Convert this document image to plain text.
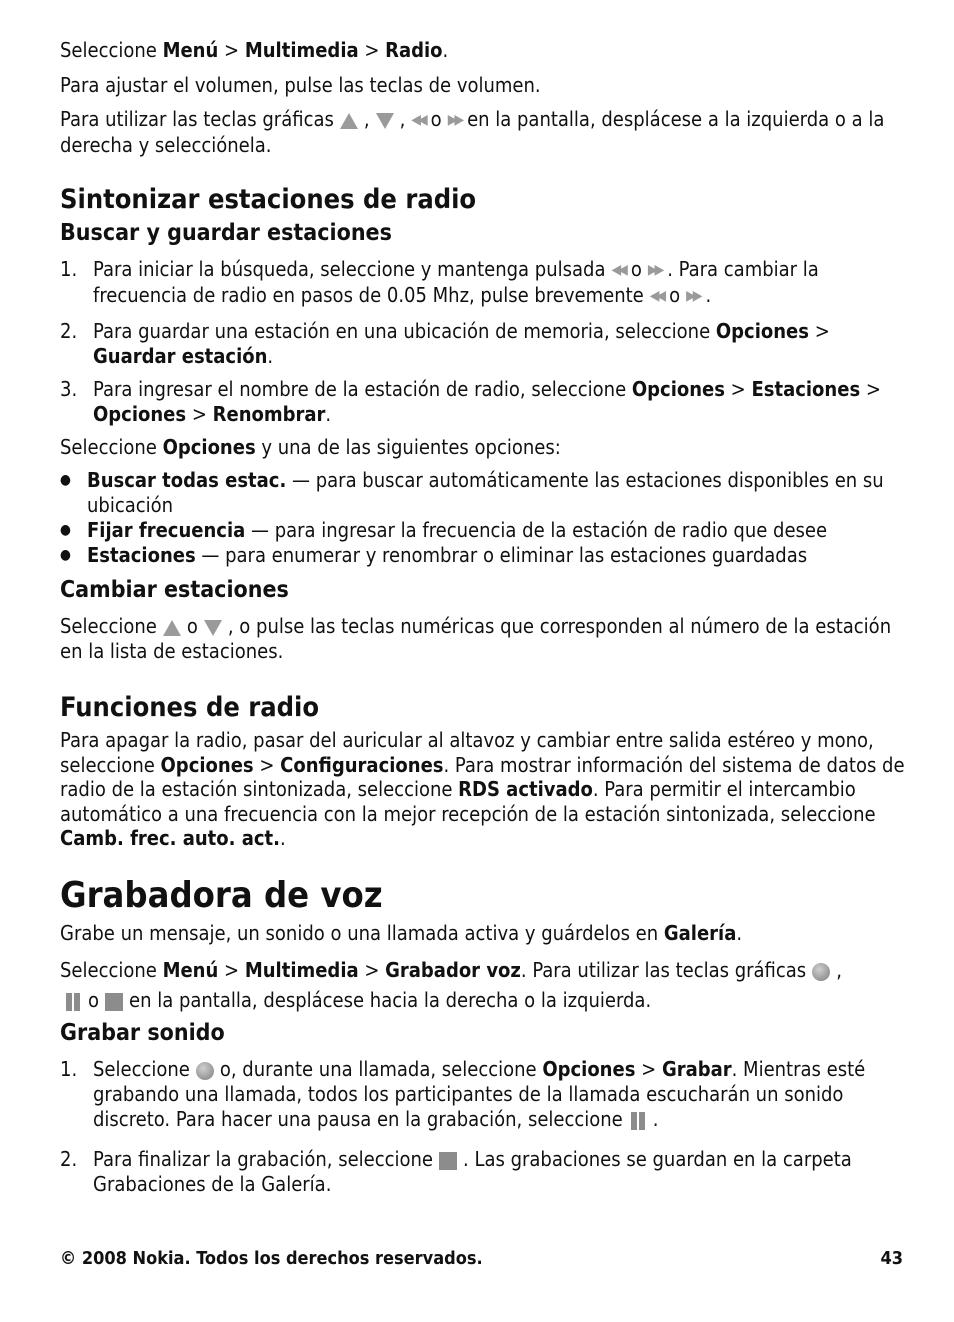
Seleccione Menú > Multimedia > Radio.

Para ajustar el volumen, pulse las teclas de volumen.

Para utilizar las teclas gráficas , , ◀◀ o ▶▶ en la pantalla, desplácese a la izquierda o a la derecha y selecciónela.

Sintonizar estaciones de radio

Buscar y guardar estaciones

1. Para iniciar la búsqueda, seleccione y mantenga pulsada ◀◀ o ▶▶ . Para cambiar la frecuencia de radio en pasos de 0.05 Mhz, pulse brevemente ◀◀ o ▶▶ .

2. Para guardar una estación en una ubicación de memoria, seleccione Opciones > Guardar estación.

3. Para ingresar el nombre de la estación de radio, seleccione Opciones > Estaciones > Opciones > Renombrar.

Seleccione Opciones y una de las siguientes opciones:

● Buscar todas estac. — para buscar automáticamente las estaciones disponibles en su ubicación

● Fijar frecuencia — para ingresar la frecuencia de la estación de radio que desee

● Estaciones — para enumerar y renombrar o eliminar las estaciones guardadas

Cambiar estaciones

Seleccione o , o pulse las teclas numéricas que corresponden al número de la estación en la lista de estaciones.

Funciones de radio

Para apagar la radio, pasar del auricular al altavoz y cambiar entre salida estéreo y mono, seleccione Opciones > Configuraciones. Para mostrar información del sistema de datos de radio de la estación sintonizada, seleccione RDS activado. Para permitir el intercambio automático a una frecuencia con la mejor recepción de la estación sintonizada, seleccione Camb. frec. auto. act..

Grabadora de voz

Grabe un mensaje, un sonido o una llamada activa y guárdelos en Galería.

Seleccione Menú > Multimedia > Grabador voz. Para utilizar las teclas gráficas ,
o en la pantalla, desplácese hacia la derecha o la izquierda.

Grabar sonido

1. Seleccione o, durante una llamada, seleccione Opciones > Grabar. Mientras esté grabando una llamada, todos los participantes de la llamada escucharán un sonido discreto. Para hacer una pausa en la grabación, seleccione .

2. Para finalizar la grabación, seleccione . Las grabaciones se guardan en la carpeta Grabaciones de la Galería.

© 2008 Nokia. Todos los derechos reservados.	43
